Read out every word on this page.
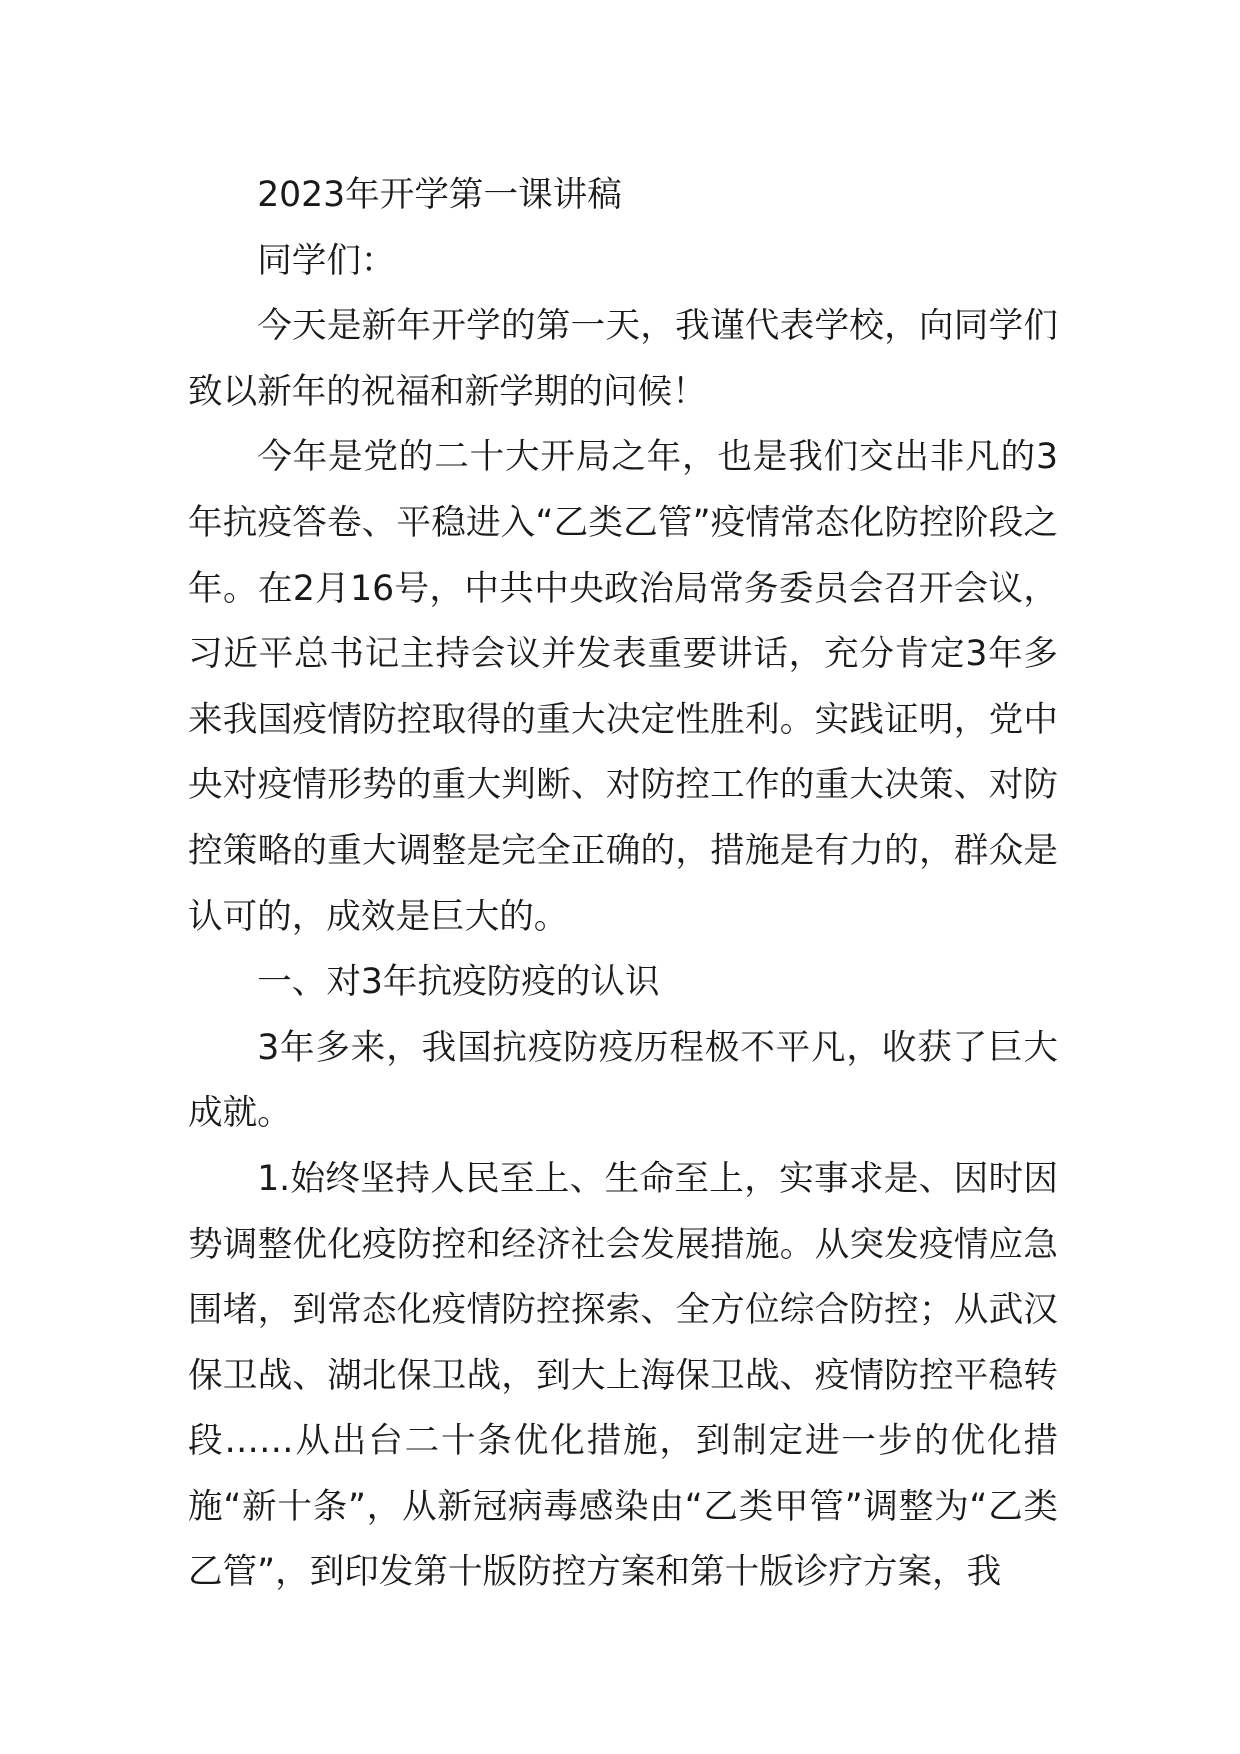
2023年开学第一课讲稿

同学们：

今天是新年开学的第一天，我谨代表学校，向同学们致以新年的祝福和新学期的问候！

今年是党的二十大开局之年，也是我们交出非凡的3年抗疫答卷、平稳进入“乙类乙管”疫情常态化防控阶段之年。在2月16号，中共中央政治局常务委员会召开会议，习近平总书记主持会议并发表重要讲话，充分肯定3年多来我国疫情防控取得的重大决定性胜利。实践证明，党中央对疫情形势的重大判断、对防控工作的重大决策、对防控策略的重大调整是完全正确的，措施是有力的，群众是认可的，成效是巨大的。

一、对3年抗疫防疫的认识

3年多来，我国抗疫防疫历程极不平凡，收获了巨大成就。

1.始终坚持人民至上、生命至上，实事求是、因时因势调整优化疫防控和经济社会发展措施。从突发疫情应急围堵，到常态化疫情防控探索、全方位综合防控；从武汉保卫战、湖北保卫战，到大上海保卫战、疫情防控平稳转段……从出台二十条优化措施，到制定进一步的优化措施“新十条”，从新冠病毒感染由“乙类甲管”调整为“乙类乙管”，到印发第十版防控方案和第十版诊疗方案，我
